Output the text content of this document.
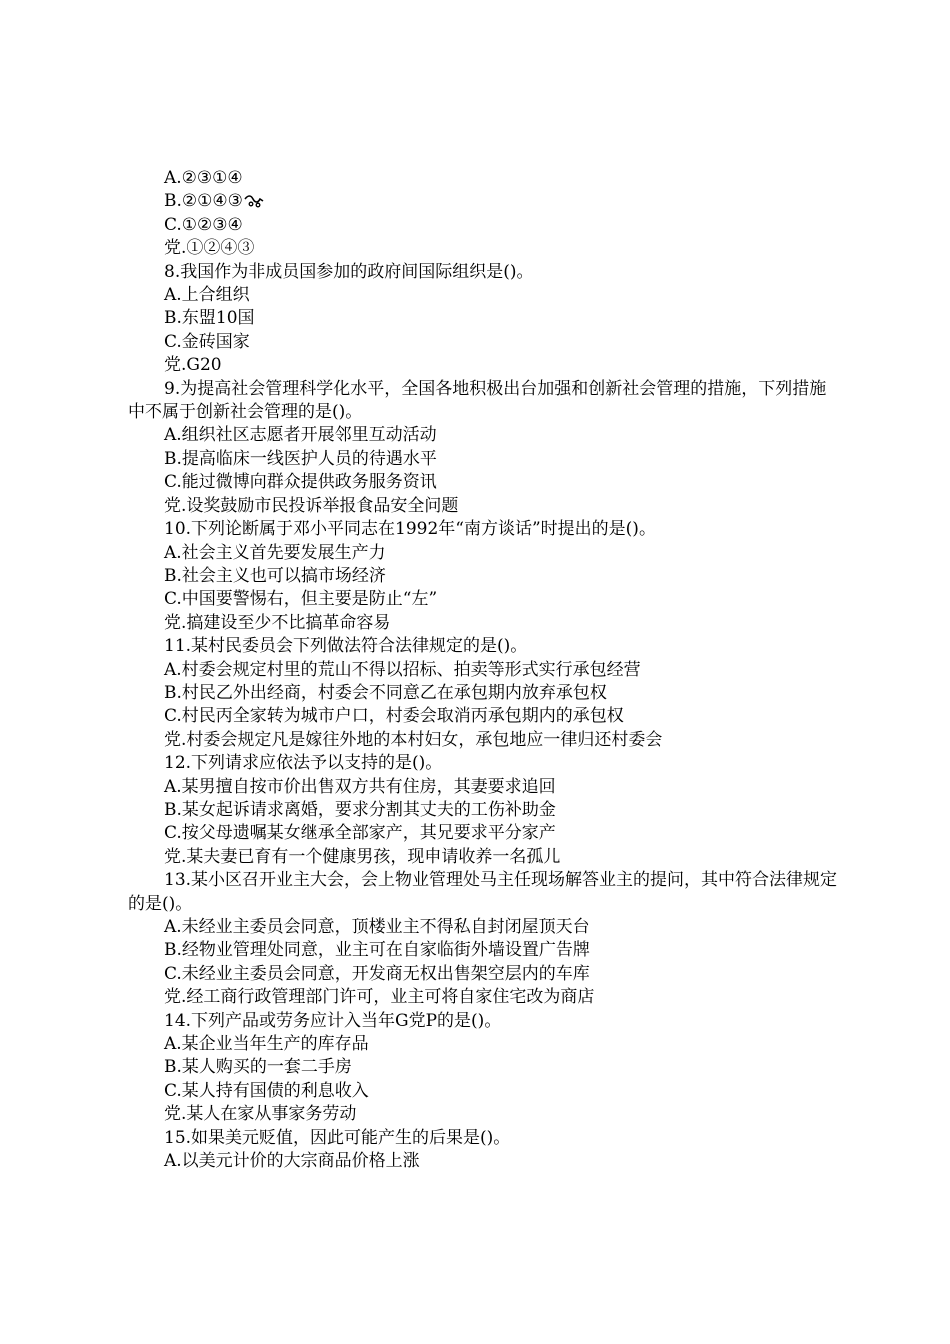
A.②③①④
B.②①④③
C.①②③④
党.①②④③
8.我国作为非成员国参加的政府间国际组织是()。
A.上合组织
B.东盟10国
C.金砖国家
党.G20
9.为提高社会管理科学化水平，全国各地积极出台加强和创新社会管理的措施，下列措施中不属于创新社会管理的是()。
A.组织社区志愿者开展邻里互动活动
B.提高临床一线医护人员的待遇水平
C.能过微博向群众提供政务服务资讯
党.设奖鼓励市民投诉举报食品安全问题
10.下列论断属于邓小平同志在1992年“南方谈话”时提出的是()。
A.社会主义首先要发展生产力
B.社会主义也可以搞市场经济
C.中国要警惕右，但主要是防止“左”
党.搞建设至少不比搞革命容易
11.某村民委员会下列做法符合法律规定的是()。
A.村委会规定村里的荒山不得以招标、拍卖等形式实行承包经营
B.村民乙外出经商，村委会不同意乙在承包期内放弃承包权
C.村民丙全家转为城市户口，村委会取消丙承包期内的承包权
党.村委会规定凡是嫁往外地的本村妇女，承包地应一律归还村委会
12.下列请求应依法予以支持的是()。
A.某男擅自按市价出售双方共有住房，其妻要求追回
B.某女起诉请求离婚，要求分割其丈夫的工伤补助金
C.按父母遗嘱某女继承全部家产，其兄要求平分家产
党.某夫妻已育有一个健康男孩，现申请收养一名孤儿
13.某小区召开业主大会，会上物业管理处马主任现场解答业主的提问，其中符合法律规定的是()。
A.未经业主委员会同意，顶楼业主不得私自封闭屋顶天台
B.经物业管理处同意，业主可在自家临街外墙设置广告牌
C.未经业主委员会同意，开发商无权出售架空层内的车库
党.经工商行政管理部门许可，业主可将自家住宅改为商店
14.下列产品或劳务应计入当年G党P的是()。
A.某企业当年生产的库存品
B.某人购买的一套二手房
C.某人持有国债的利息收入
党.某人在家从事家务劳动
15.如果美元贬值，因此可能产生的后果是()。
A.以美元计价的大宗商品价格上涨
